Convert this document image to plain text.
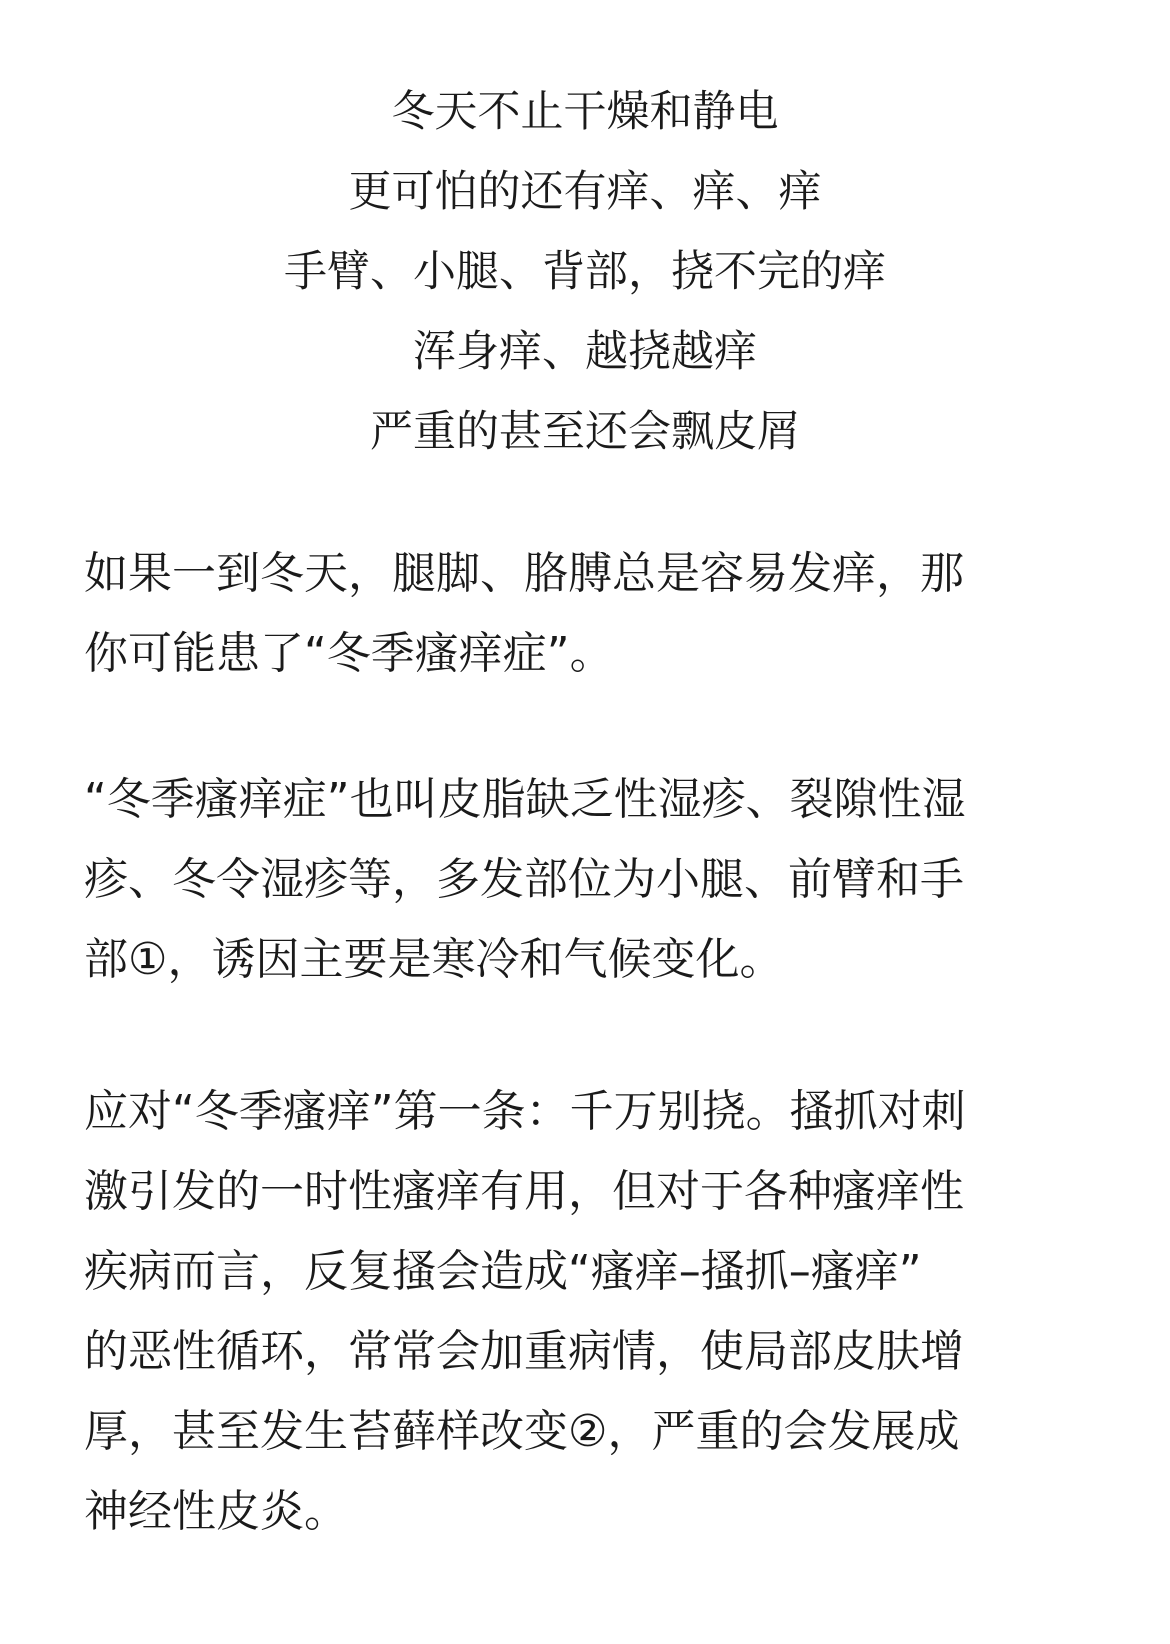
冬天不止干燥和静电
更可怕的还有痒、痒、痒
手臂、小腿、背部，挠不完的痒
浑身痒、越挠越痒
严重的甚至还会飘皮屑
如果一到冬天，腿脚、胳膊总是容易发痒，那
你可能患了“冬季瘙痒症”。
“冬季瘙痒症”也叫皮脂缺乏性湿疹、裂隙性湿
疹、冬令湿疹等，多发部位为小腿、前臂和手
部①，诱因主要是寒冷和气候变化。
应对“冬季瘙痒”第一条：千万别挠。搔抓对刺
激引发的一时性瘙痒有用，但对于各种瘙痒性
疾病而言，反复搔会造成“瘙痒–搔抓–瘙痒”
的恶性循环，常常会加重病情，使局部皮肤增
厚，甚至发生苔藓样改变②，严重的会发展成
神经性皮炎。
